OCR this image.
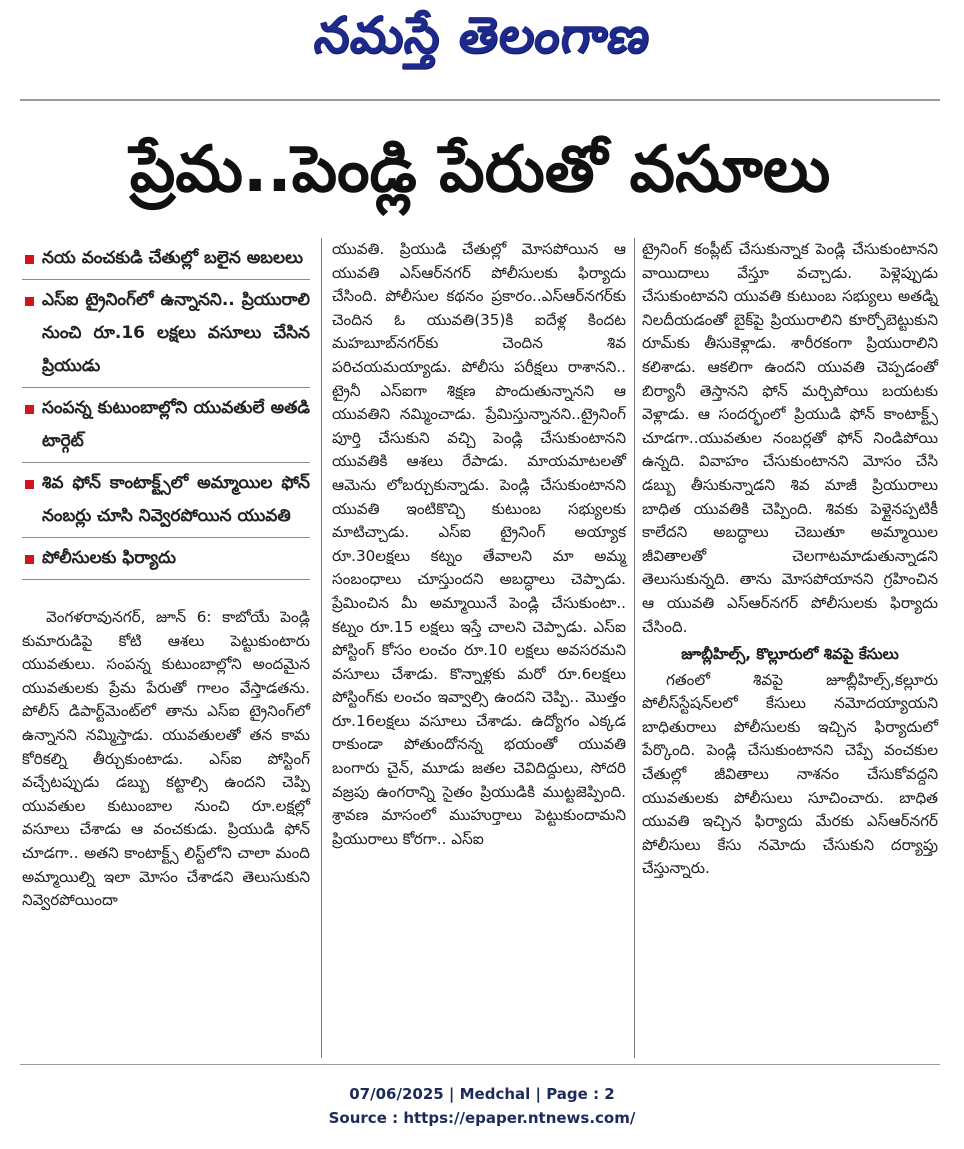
నమస్తే తెలంగాణ
ప్రేమ..పెండ్లి పేరుతో వసూలు
నయ వంచకుడి చేతుల్లో బలైన అబలలు
ఎస్‌ఐ ట్రైనింగ్‌లో ఉన్నానని.. ప్రియురాలి నుంచి రూ.16 లక్షలు వసూలు చేసిన ప్రియుడు
సంపన్న కుటుంబాల్లోని యువతులే అతడి టార్గెట్
శివ ఫోన్ కాంటాక్ట్స్‌లో అమ్మాయిల ఫోన్ నంబర్లు చూసి నివ్వెరపోయిన యువతి
పోలీసులకు ఫిర్యాదు

వెంగళరావునగర్, జూన్ 6: కాబోయే పెండ్లి కుమారుడిపై కోటి ఆశలు పెట్టుకుంటారు యువతులు. సంపన్న కుటుంబాల్లోని అందమైన యువతులకు ప్రేమ పేరుతో గాలం వేస్తాడతను. పోలీస్ డిపార్ట్‌మెంట్‌లో తాను ఎస్‌ఐ ట్రైనింగ్‌లో ఉన్నానని నమ్మిస్తాడు. యువతులతో తన కామ కోరికల్ని తీర్చుకుంటాడు. ఎస్‌ఐ పోస్టింగ్ వచ్చేటప్పుడు డబ్బు కట్టాల్సి ఉందని చెప్పి యువతుల కుటుంబాల నుంచి రూ.లక్షల్లో వసూలు చేశాడు ఆ వంచకుడు. ప్రియుడి ఫోన్ చూడగా.. అతని కాంటాక్ట్స్ లిస్ట్‌లోని చాలా మంది అమ్మాయిల్ని ఇలా మోసం చేశాడని తెలుసుకుని నివ్వెరపోయిందా

యువతి. ప్రియుడి చేతుల్లో మోసపోయిన ఆ యువతి ఎస్‌ఆర్‌నగర్ పోలీసులకు ఫిర్యాదు చేసింది. పోలీసుల కథనం ప్రకారం..ఎస్‌ఆర్‌నగర్‌కు చెందిన ఓ యువతి(35)కి ఐదేళ్ల కిందట మహబూబ్‌నగర్‌కు చెందిన శివ పరిచయమయ్యాడు. పోలీసు పరీక్షలు రాశానని.. ట్రైనీ ఎస్‌ఐగా శిక్షణ పొందుతున్నానని ఆ యువతిని నమ్మించాడు. ప్రేమిస్తున్నానని..ట్రైనింగ్ పూర్తి చేసుకుని వచ్చి పెండ్లి చేసుకుంటానని యువతికి ఆశలు రేపాడు. మాయమాటలతో ఆమెను లోబర్చుకున్నాడు. పెండ్లి చేసుకుంటానని యువతి ఇంటికొచ్చి కుటుంబ సభ్యులకు మాటిచ్చాడు. ఎస్‌ఐ ట్రైనింగ్ అయ్యాక రూ.30లక్షలు కట్నం తేవాలని మా అమ్మ సంబంధాలు చూస్తుందని అబద్ధాలు చెప్పాడు. ప్రేమించిన మీ అమ్మాయినే పెండ్లి చేసుకుంటా.. కట్నం రూ.15 లక్షలు ఇస్తే చాలని చెప్పాడు. ఎస్‌ఐ పోస్టింగ్ కోసం లంచం రూ.10 లక్షలు అవసరమని వసూలు చేశాడు. కొన్నాళ్లకు మరో రూ.6లక్షలు పోస్టింగ్‌కు లంచం ఇవ్వాల్సి ఉందని చెప్పి.. మొత్తం రూ.16లక్షలు వసూలు చేశాడు. ఉద్యోగం ఎక్కడ రాకుండా పోతుందోనన్న భయంతో యువతి బంగారు చైన్, మూడు జతల చెవిదిద్దులు, సోదరి వజ్రపు ఉంగరాన్ని సైతం ప్రియుడికి ముట్టజెప్పింది. శ్రావణ మాసంలో ముహుర్తాలు పెట్టుకుందామని ప్రియురాలు కోరగా.. ఎస్‌ఐ

ట్రైనింగ్ కంప్లీట్ చేసుకున్నాక పెండ్లి చేసుకుంటానని వాయిదాలు వేస్తూ వచ్చాడు. పెళ్లెప్పుడు చేసుకుంటావని యువతి కుటుంబ సభ్యులు అతడ్ని నిలదీయడంతో బైక్‌పై ప్రియురాలిని కూర్చోబెట్టుకుని రూమ్‌కు తీసుకెళ్లాడు. శారీరకంగా ప్రియురాలిని కలిశాడు. ఆకలిగా ఉందని యువతి చెప్పడంతో బిర్యానీ తెస్తానని ఫోన్ మర్చిపోయి బయటకు వెళ్లాడు. ఆ సందర్భంలో ప్రియుడి ఫోన్ కాంటాక్ట్స్ చూడగా..యువతుల నంబర్లతో ఫోన్ నిండిపోయి ఉన్నది. వివాహం చేసుకుంటానని మోసం చేసి డబ్బు తీసుకున్నాడని శివ మాజీ ప్రియురాలు బాధిత యువతికి చెప్పింది. శివకు పెళ్లైనప్పటికీ కాలేదని అబద్ధాలు చెబుతూ అమ్మాయిల జీవితాలతో చెలగాటమాడుతున్నాడని తెలుసుకున్నది. తాను మోసపోయానని గ్రహించిన ఆ యువతి ఎస్‌ఆర్‌నగర్ పోలీసులకు ఫిర్యాదు చేసింది.

జూబ్లీహిల్స్, కొల్లూరులో శివపై కేసులు

గతంలో శివపై జూబ్లీహిల్స్,కల్లూరు పోలీస్‌స్టేషన్‌లలో కేసులు నమోదయ్యాయని బాధితురాలు పోలీసులకు ఇచ్చిన ఫిర్యాదులో పేర్కొంది. పెండ్లి చేసుకుంటానని చెప్పే వంచకుల చేతుల్లో జీవితాలు నాశనం చేసుకోవద్దని యువతులకు పోలీసులు సూచించారు. బాధిత యువతి ఇచ్చిన ఫిర్యాదు మేరకు ఎస్‌ఆర్‌నగర్ పోలీసులు కేసు నమోదు చేసుకుని దర్యాప్తు చేస్తున్నారు.

07/06/2025 | Medchal | Page : 2
Source : https://epaper.ntnews.com/
